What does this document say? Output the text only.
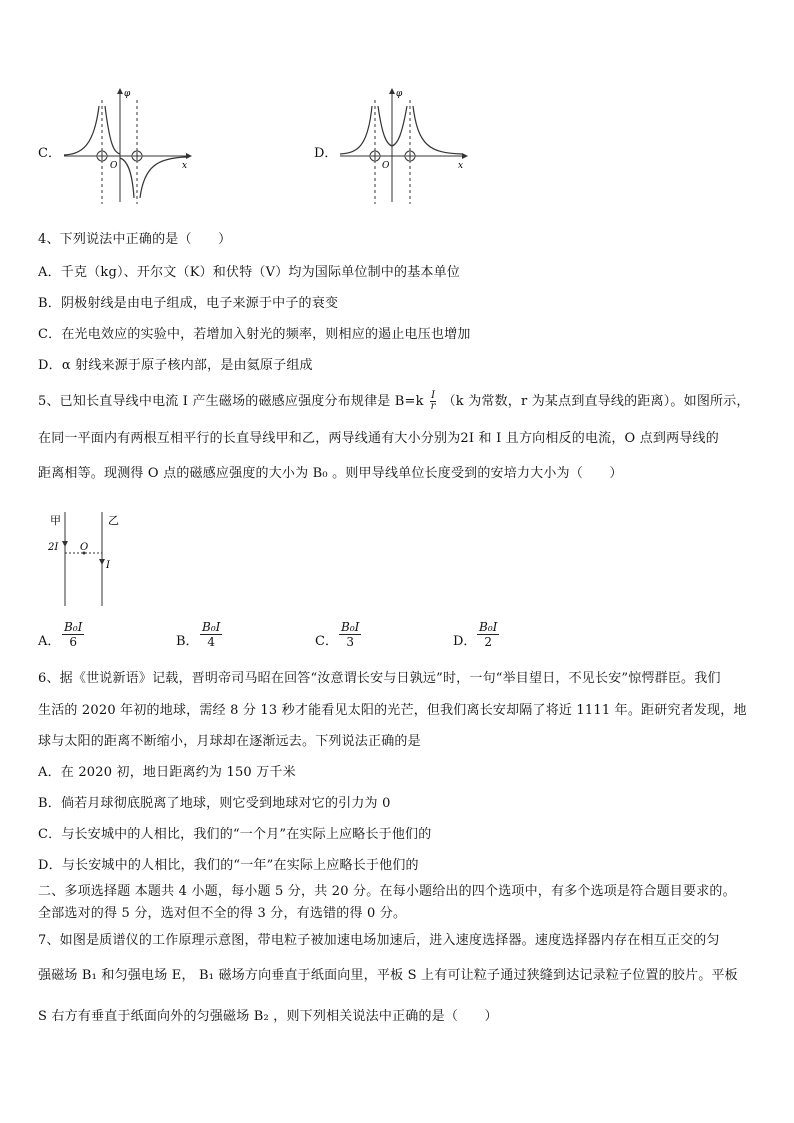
C．
φ
x
O
D．
φ
x
O
4、下列说法中正确的是（　　）
A．千克（kg）、开尔文（K）和伏特（V）均为国际单位制中的基本单位
B．阴极射线是由电子组成，电子来源于中子的衰变
C．在光电效应的实验中，若增加入射光的频率，则相应的遏止电压也增加
D．α 射线来源于原子核内部，是由氦原子组成
5、已知长直导线中电流 I 产生磁场的磁感应强度分布规律是 $B=k \frac{I}{r} (k$ 为常数，r 为某点到直导线的距离）。如图所示，
在同一平面内有两根互相平行的长直导线甲和乙，两导线通有大小分别为2I 和 I 且方向相反的电流，O 点到两导线的
距离相等。现测得 O 点的磁感应强度的大小为 B₀ 。则甲导线单位长度受到的安培力大小为（　　）
甲	乙
2I O
I
A． $\frac{\text{B₀I}}{6}$	B． $\frac{\text{B₀I}}{4}$	C． $\frac{\text{B₀I}}{3}$	D． $\frac{\text{B₀I}}{2}$
6、据《世说新语》记载，晋明帝司马昭在回答“汝意谓长安与日孰远”时，一句“举目望日，不见长安”惊愕群臣。我们
生活的 2020 年初的地球，需经 8 分 13 秒才能看见太阳的光芒，但我们离长安却隔了将近 1111 年。距研究者发现，地
球与太阳的距离不断缩小，月球却在逐渐远去。下列说法正确的是
A．在 2020 初，地日距离约为 150 万千米
B．倘若月球彻底脱离了地球，则它受到地球对它的引力为 0
C．与长安城中的人相比，我们的“一个月”在实际上应略长于他们的
D．与长安城中的人相比，我们的“一年”在实际上应略长于他们的
二、多项选择题 本题共 4 小题，每小题 5 分，共 20 分。在每小题给出的四个选项中，有多个选项是符合题目要求的。
全部选对的得 5 分，选对但不全的得 3 分，有选错的得 0 分。
7、如图是质谱仪的工作原理示意图，带电粒子被加速电场加速后，进入速度选择器。速度选择器内存在相互正交的匀
强磁场 B₁ 和匀强电场 E， B₁ 磁场方向垂直于纸面向里，平板 S 上有可让粒子通过狭缝到达记录粒子位置的胶片。平板
S 右方有垂直于纸面向外的匀强磁场 B₂ ，则下列相关说法中正确的是（　　）
